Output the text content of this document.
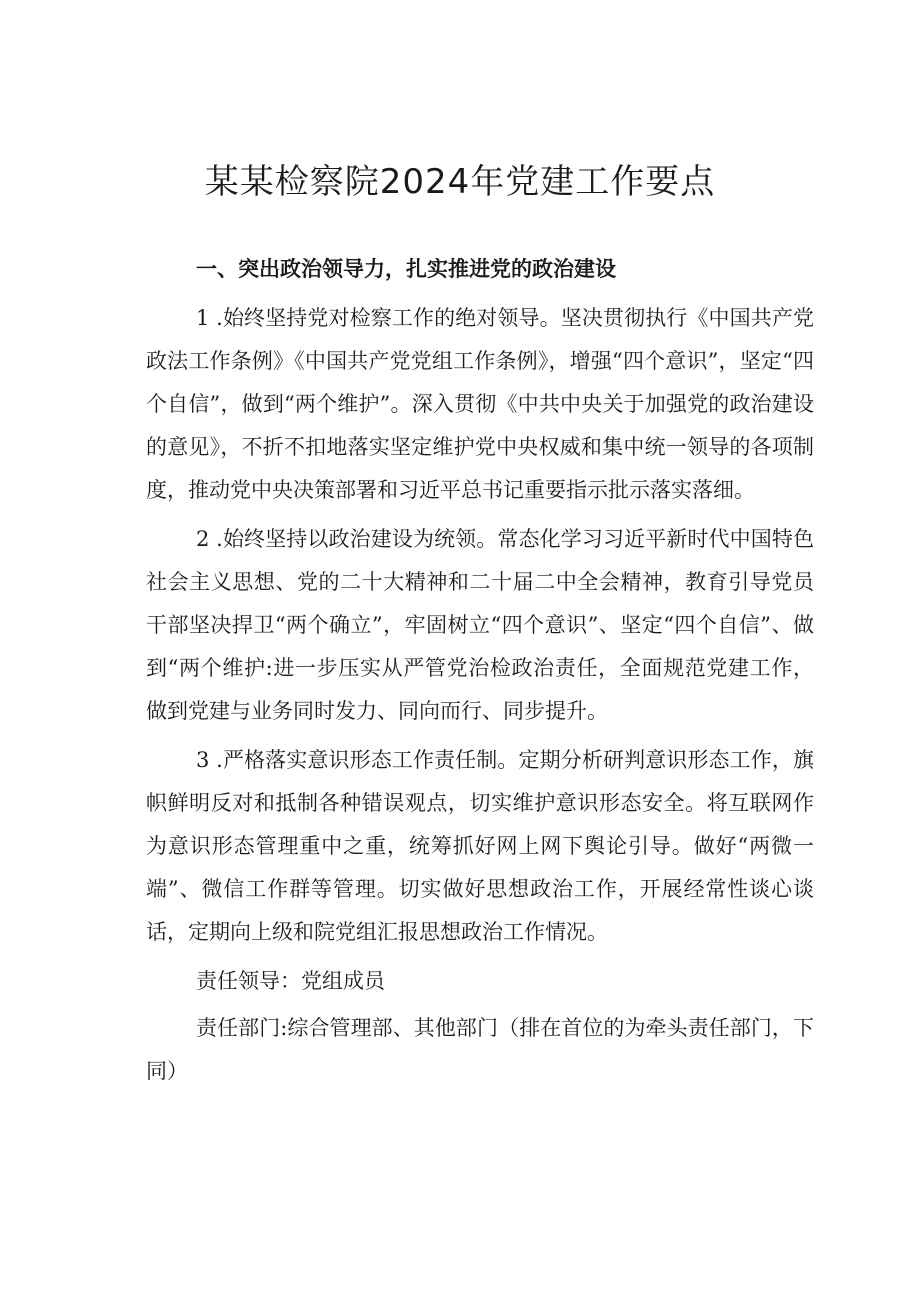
某某检察院2024年党建工作要点

一、突出政治领导力，扎实推进党的政治建设

1 .始终坚持党对检察工作的绝对领导。坚决贯彻执行《中国共产党政法工作条例》《中国共产党党组工作条例》，增强“四个意识”，坚定“四个自信”，做到“两个维护”。深入贯彻《中共中央关于加强党的政治建设的意见》，不折不扣地落实坚定维护党中央权威和集中统一领导的各项制度，推动党中央决策部署和习近平总书记重要指示批示落实落细。

2 .始终坚持以政治建设为统领。常态化学习习近平新时代中国特色社会主义思想、党的二十大精神和二十届二中全会精神，教育引导党员干部坚决捍卫“两个确立”，牢固树立“四个意识”、坚定“四个自信”、做到“两个维护:进一步压实从严管党治检政治责任，全面规范党建工作，做到党建与业务同时发力、同向而行、同步提升。

3 .严格落实意识形态工作责任制。定期分析研判意识形态工作，旗帜鲜明反对和抵制各种错误观点，切实维护意识形态安全。将互联网作为意识形态管理重中之重，统筹抓好网上网下舆论引导。做好“两微一端”、微信工作群等管理。切实做好思想政治工作，开展经常性谈心谈话，定期向上级和院党组汇报思想政治工作情况。

责任领导：党组成员

责任部门:综合管理部、其他部门（排在首位的为牵头责任部门，下同）
